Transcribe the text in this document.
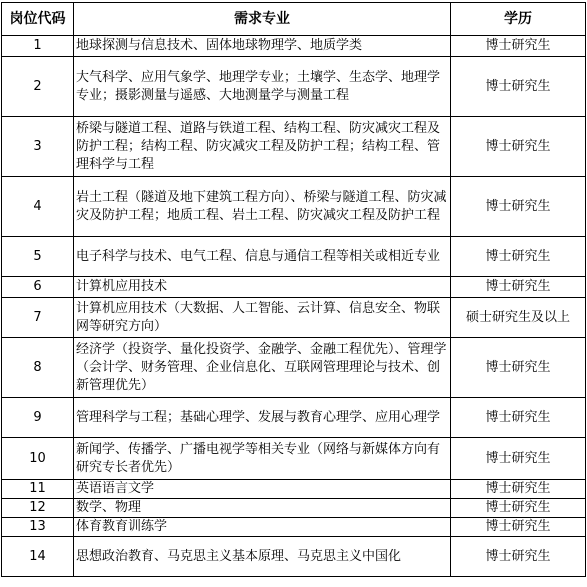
岗位代码	需求专业	学历
1	地球探测与信息技术、固体地球物理学、地质学类	博士研究生
2	大气科学、应用气象学、地理学专业；土壤学、生态学、地理学专业；摄影测量与遥感、大地测量学与测量工程	博士研究生
3	桥梁与隧道工程、道路与铁道工程、结构工程、防灾减灾工程及防护工程；结构工程、防灾减灾工程及防护工程；结构工程、管理科学与工程	博士研究生
4	岩土工程（隧道及地下建筑工程方向）、桥梁与隧道工程、防灾减灾及防护工程；地质工程、岩土工程、防灾减灾工程及防护工程	博士研究生
5	电子科学与技术、电气工程、信息与通信工程等相关或相近专业	博士研究生
6	计算机应用技术	博士研究生
7	计算机应用技术（大数据、人工智能、云计算、信息安全、物联网等研究方向）	硕士研究生及以上
8	经济学（投资学、量化投资学、金融学、金融工程优先）、管理学（会计学、财务管理、企业信息化、互联网管理理论与技术、创新管理优先）	博士研究生
9	管理科学与工程；基础心理学、发展与教育心理学、应用心理学	博士研究生
10	新闻学、传播学、广播电视学等相关专业（网络与新媒体方向有研究专长者优先）	博士研究生
11	英语语言文学	博士研究生
12	数学、物理	博士研究生
13	体育教育训练学	博士研究生
14	思想政治教育、马克思主义基本原理、马克思主义中国化	博士研究生
